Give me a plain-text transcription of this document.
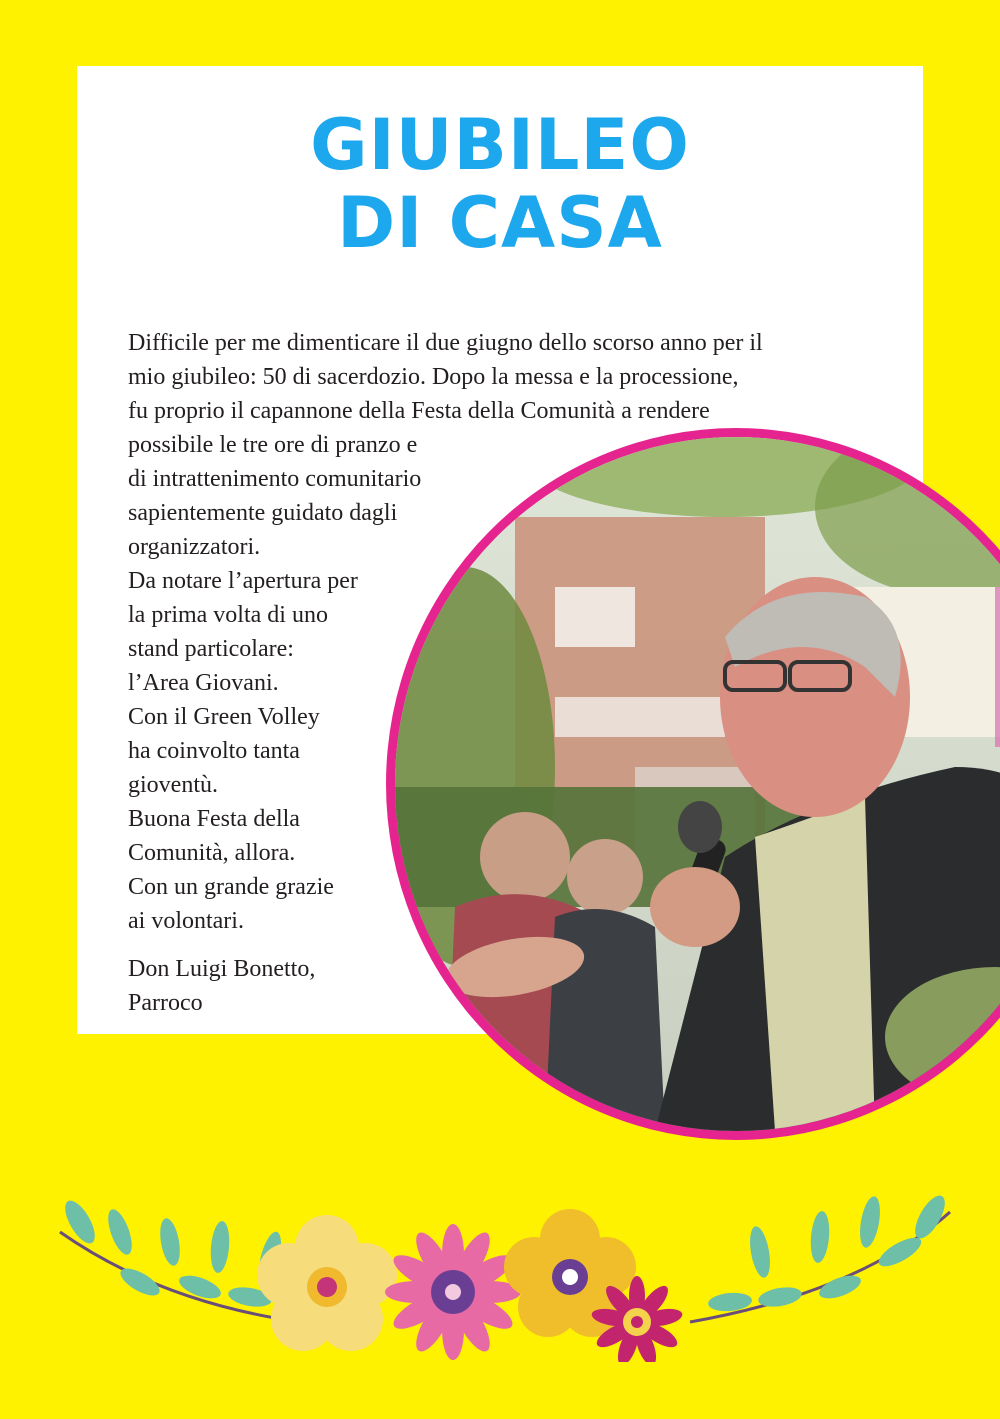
GIUBILEO
DI CASA
Difficile per me dimenticare il due giugno dello scorso anno per il
mio giubileo: 50 di sacerdozio. Dopo la messa e la processione,
fu proprio il capannone della Festa della Comunità a rendere
possibile le tre ore di pranzo e
di intrattenimento comunitario
sapientemente guidato dagli
organizzatori.
Da notare l’apertura per
la prima volta di uno
stand particolare:
l’Area Giovani.
Con il Green Volley
ha coinvolto tanta
gioventù.
Buona Festa della
Comunità, allora.
Con un grande grazie
ai volontari.
Don Luigi Bonetto,
Parroco
